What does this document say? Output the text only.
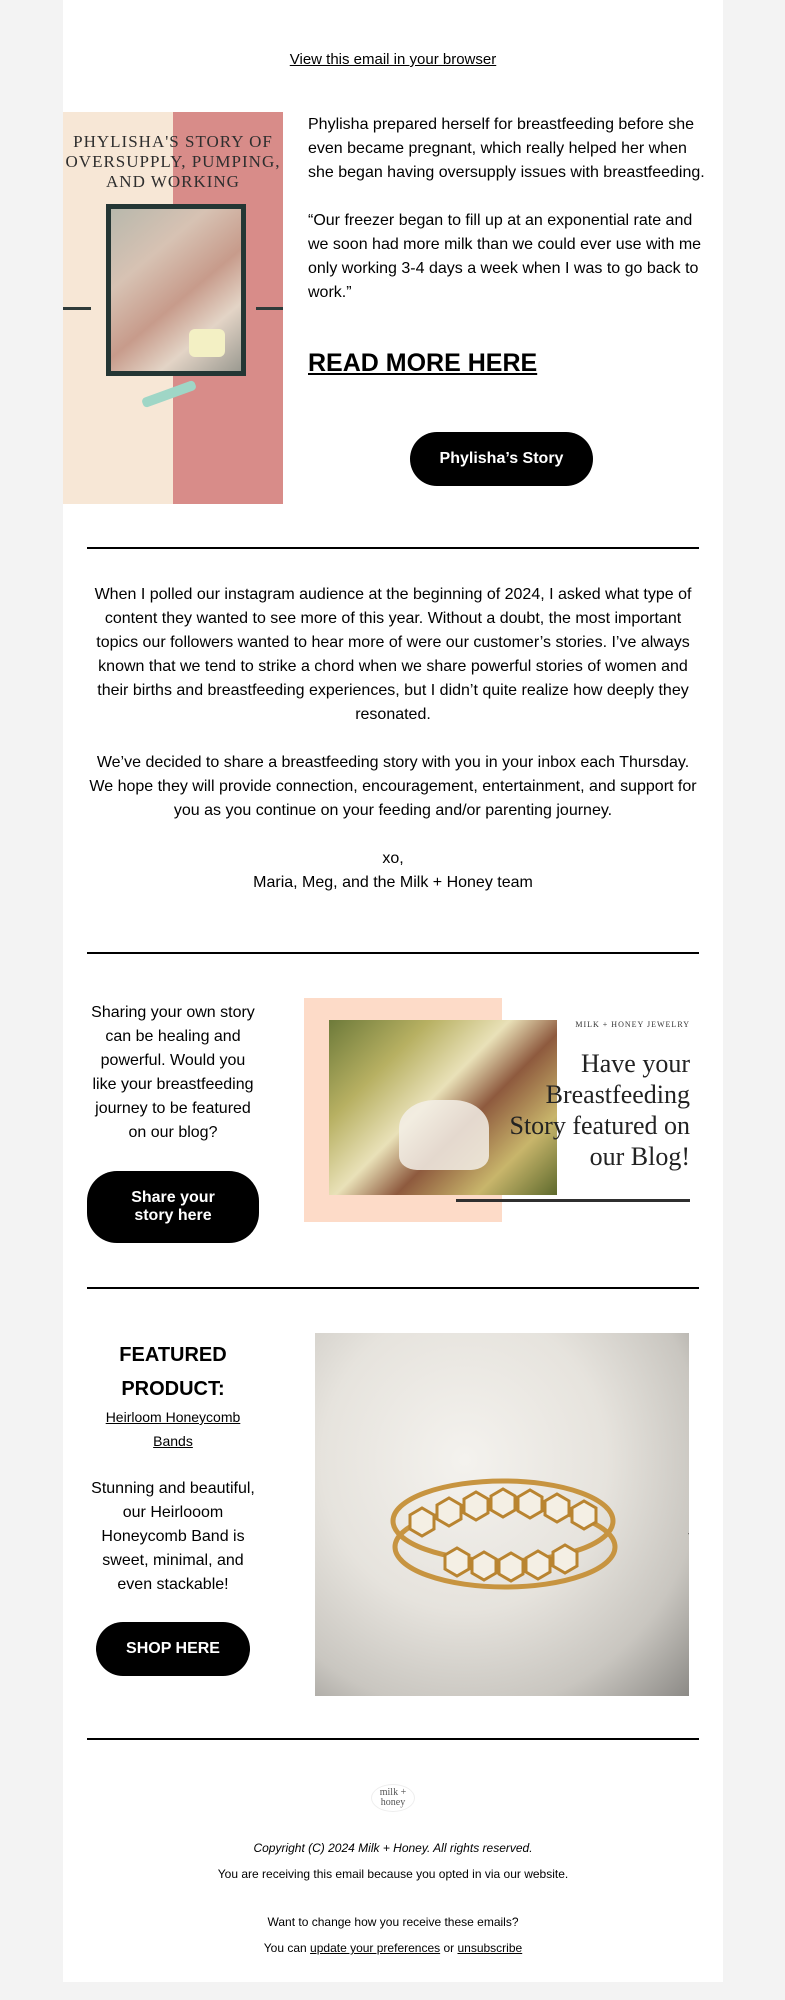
View this email in your browser
PHYLISHA'S STORY OF OVERSUPPLY, PUMPING, AND WORKING

Phylisha prepared herself for breastfeeding before she even became pregnant, which really helped her when she began having oversupply issues with breastfeeding.

“Our freezer began to fill up at an exponential rate and we soon had more milk than we could ever use with me only working 3-4 days a week when I was to go back to work.”

READ MORE HERE
Phylisha’s Story

When I polled our instagram audience at the beginning of 2024, I asked what type of content they wanted to see more of this year. Without a doubt, the most important topics our followers wanted to hear more of were our customer’s stories. I’ve always known that we tend to strike a chord when we share powerful stories of women and their births and breastfeeding experiences, but I didn’t quite realize how deeply they resonated.

We’ve decided to share a breastfeeding story with you in your inbox each Thursday. We hope they will provide connection, encouragement, entertainment, and support for you as you continue on your feeding and/or parenting journey.

xo,
Maria, Meg, and the Milk + Honey team
Sharing your own story can be healing and powerful. Would you like your breastfeeding journey to be featured on our blog?
Share your story here
MILK + HONEY JEWELRY
Have your Breastfeeding Story featured on our Blog!
FEATURED PRODUCT:
Heirloom Honeycomb Bands
Stunning and beautiful, our Heirlooom Honeycomb Band is sweet, minimal, and even stackable!
SHOP HERE
milk + honey
Copyright (C) 2024 Milk + Honey. All rights reserved.
You are receiving this email because you opted in via our website.
Want to change how you receive these emails?
You can update your preferences or unsubscribe
